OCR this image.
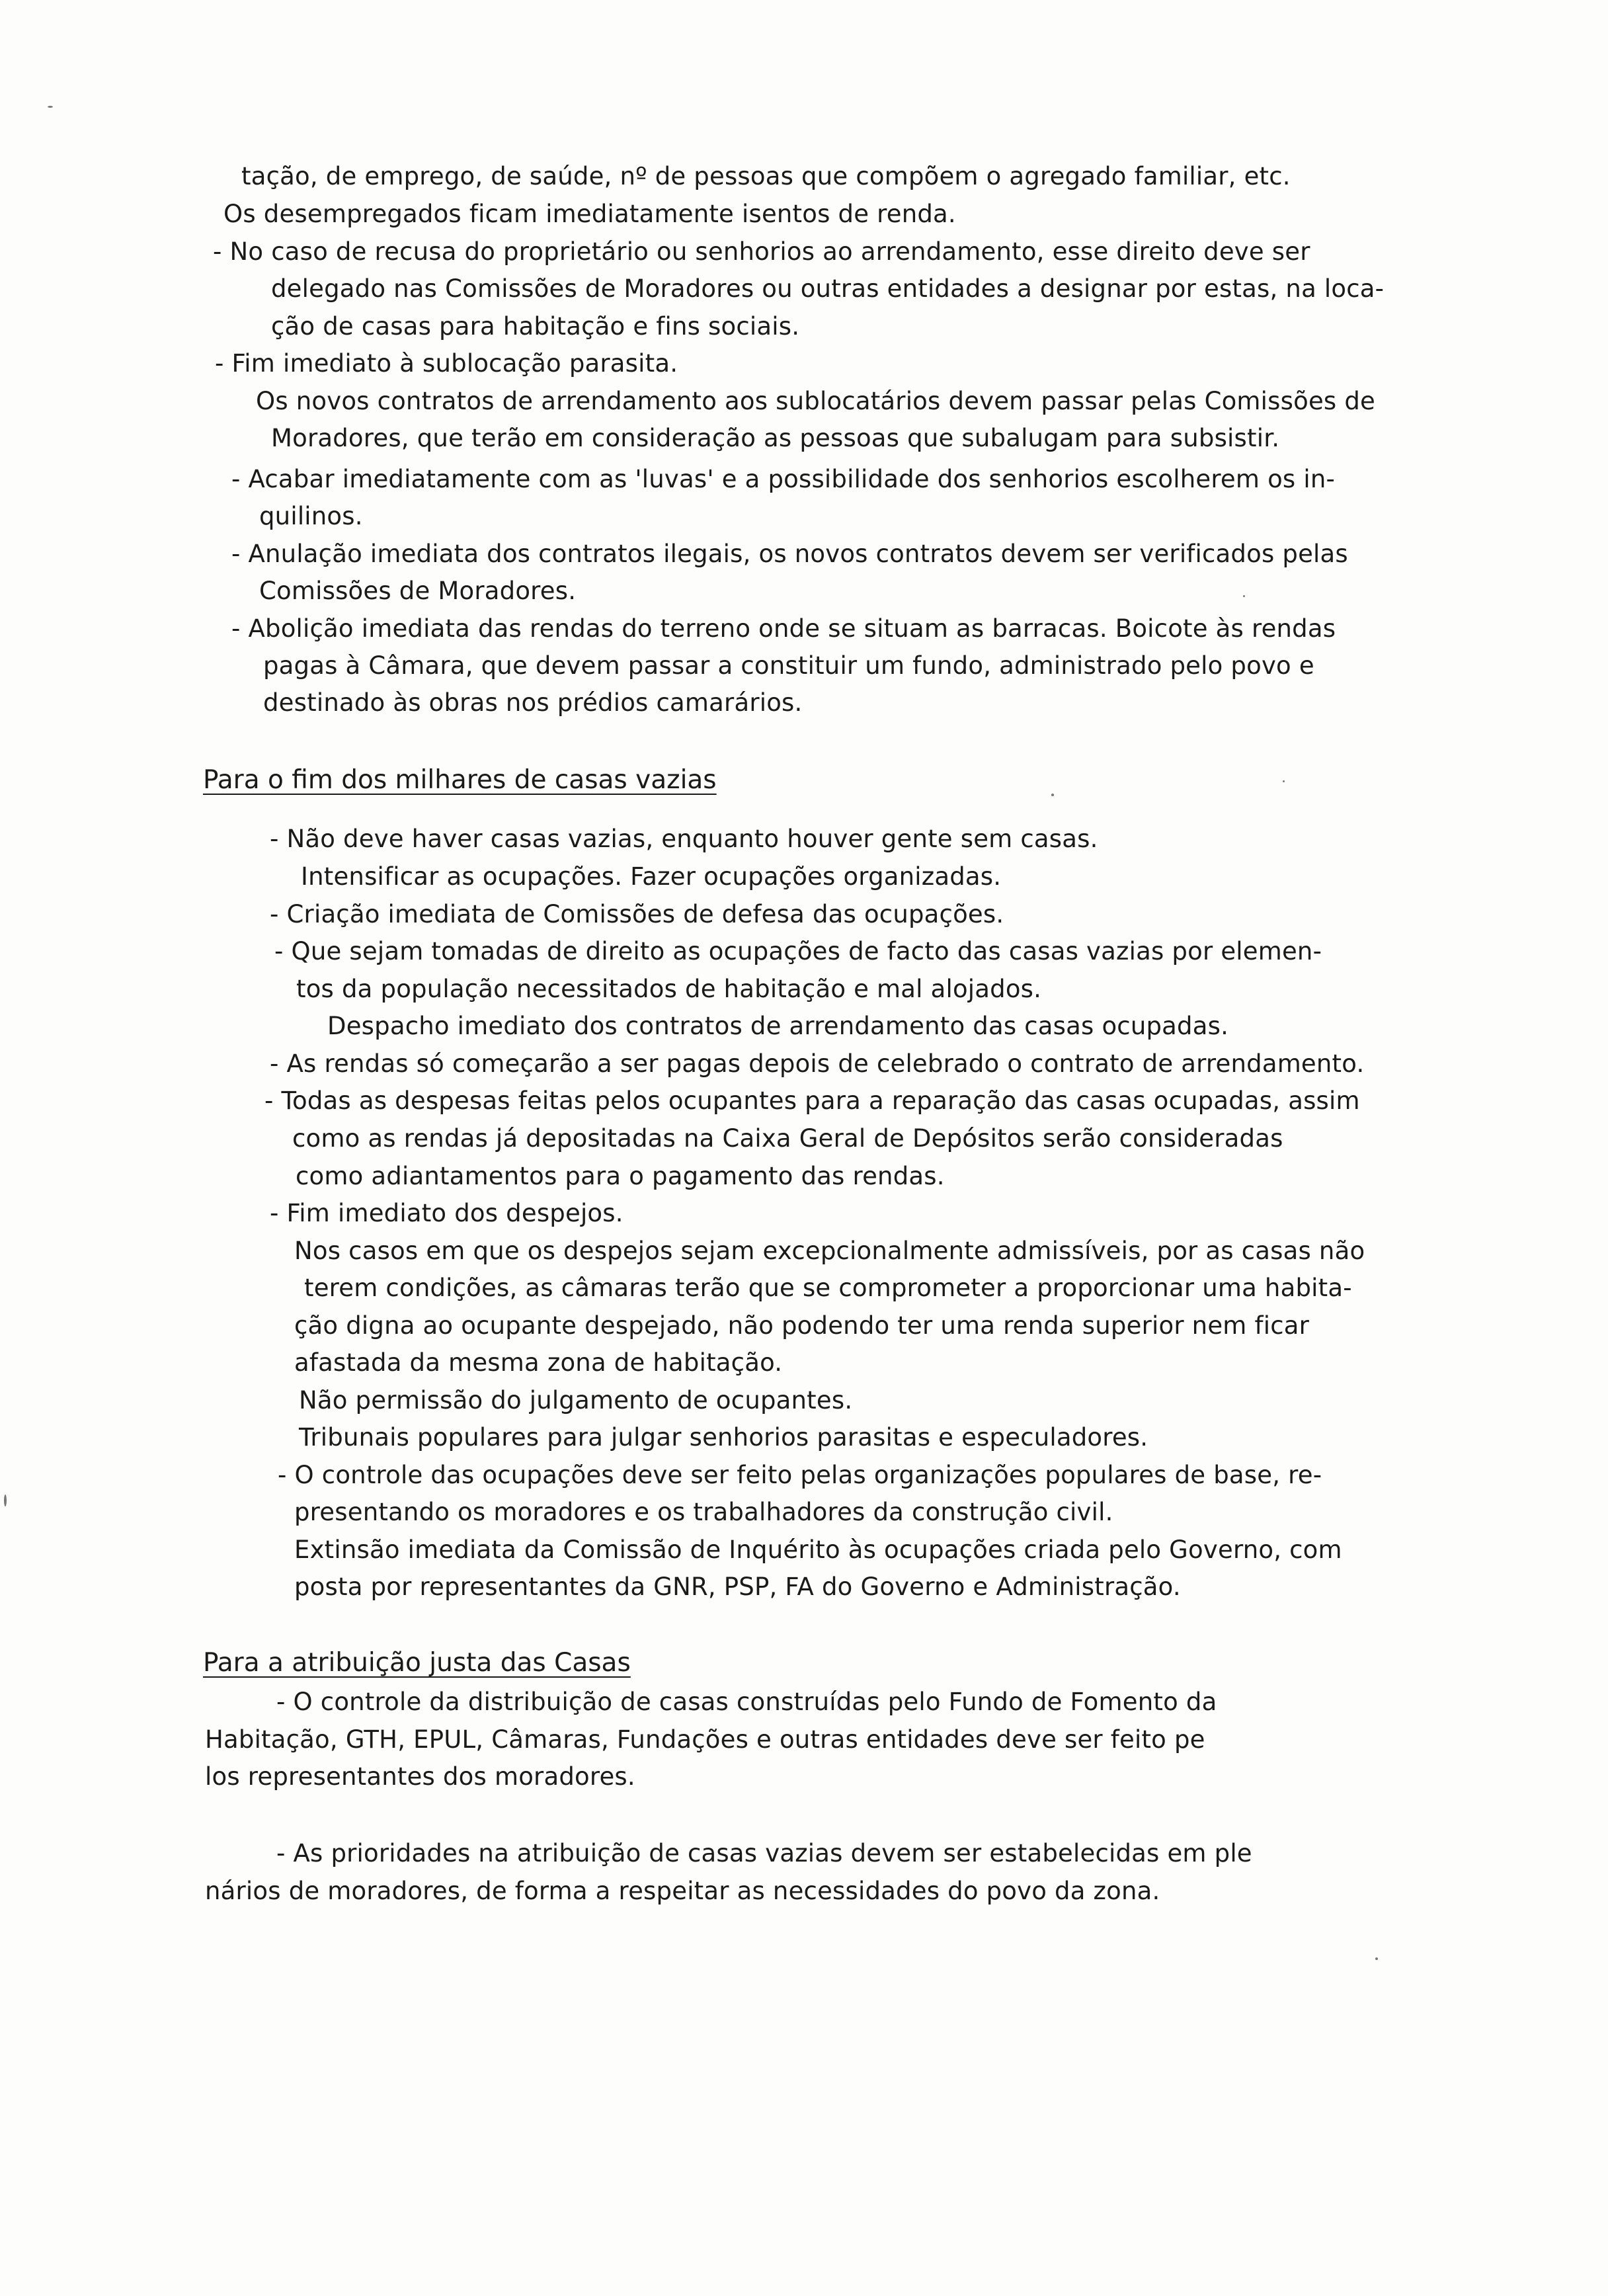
tação, de emprego, de saúde, nº de pessoas que compõem o agregado familiar, etc.

Os desempregados ficam imediatamente isentos de renda.

- No caso de recusa do proprietário ou senhorios ao arrendamento, esse direito deve ser

delegado nas Comissões de Moradores ou outras entidades a designar por estas, na loca-

ção de casas para habitação e fins sociais.

- Fim imediato à sublocação parasita.

Os novos contratos de arrendamento aos sublocatários devem passar pelas Comissões de

Moradores, que terão em consideração as pessoas que subalugam para subsistir.

- Acabar imediatamente com as 'luvas' e a possibilidade dos senhorios escolherem os in-

quilinos.

- Anulação imediata dos contratos ilegais, os novos contratos devem ser verificados pelas

Comissões de Moradores.

- Abolição imediata das rendas do terreno onde se situam as barracas. Boicote às rendas

pagas à Câmara, que devem passar a constituir um fundo, administrado pelo povo e

destinado às obras nos prédios camarários.

Para o fim dos milhares de casas vazias

- Não deve haver casas vazias, enquanto houver gente sem casas.

Intensificar as ocupações. Fazer ocupações organizadas.

- Criação imediata de Comissões de defesa das ocupações.

- Que sejam tomadas de direito as ocupações de facto das casas vazias por elemen-

tos da população necessitados de habitação e mal alojados.

Despacho imediato dos contratos de arrendamento das casas ocupadas.

- As rendas só começarão a ser pagas depois de celebrado o contrato de arrendamento.

- Todas as despesas feitas pelos ocupantes para a reparação das casas ocupadas, assim

como as rendas já depositadas na Caixa Geral de Depósitos serão consideradas

como adiantamentos para o pagamento das rendas.

- Fim imediato dos despejos.

Nos casos em que os despejos sejam excepcionalmente admissíveis, por as casas não

terem condições, as câmaras terão que se comprometer a proporcionar uma habita-

ção digna ao ocupante despejado, não podendo ter uma renda superior nem ficar

afastada da mesma zona de habitação.

Não permissão do julgamento de ocupantes.

Tribunais populares para julgar senhorios parasitas e especuladores.

- O controle das ocupações deve ser feito pelas organizações populares de base, re-

presentando os moradores e os trabalhadores da construção civil.

Extinsão imediata da Comissão de Inquérito às ocupações criada pelo Governo, com

posta por representantes da GNR, PSP, FA do Governo e Administração.

Para a atribuição justa das Casas

- O controle da distribuição de casas construídas pelo Fundo de Fomento da

Habitação, GTH, EPUL, Câmaras, Fundações e outras entidades deve ser feito pe

los representantes dos moradores.

- As prioridades na atribuição de casas vazias devem ser estabelecidas em ple

nários de moradores, de forma a respeitar as necessidades do povo da zona.
